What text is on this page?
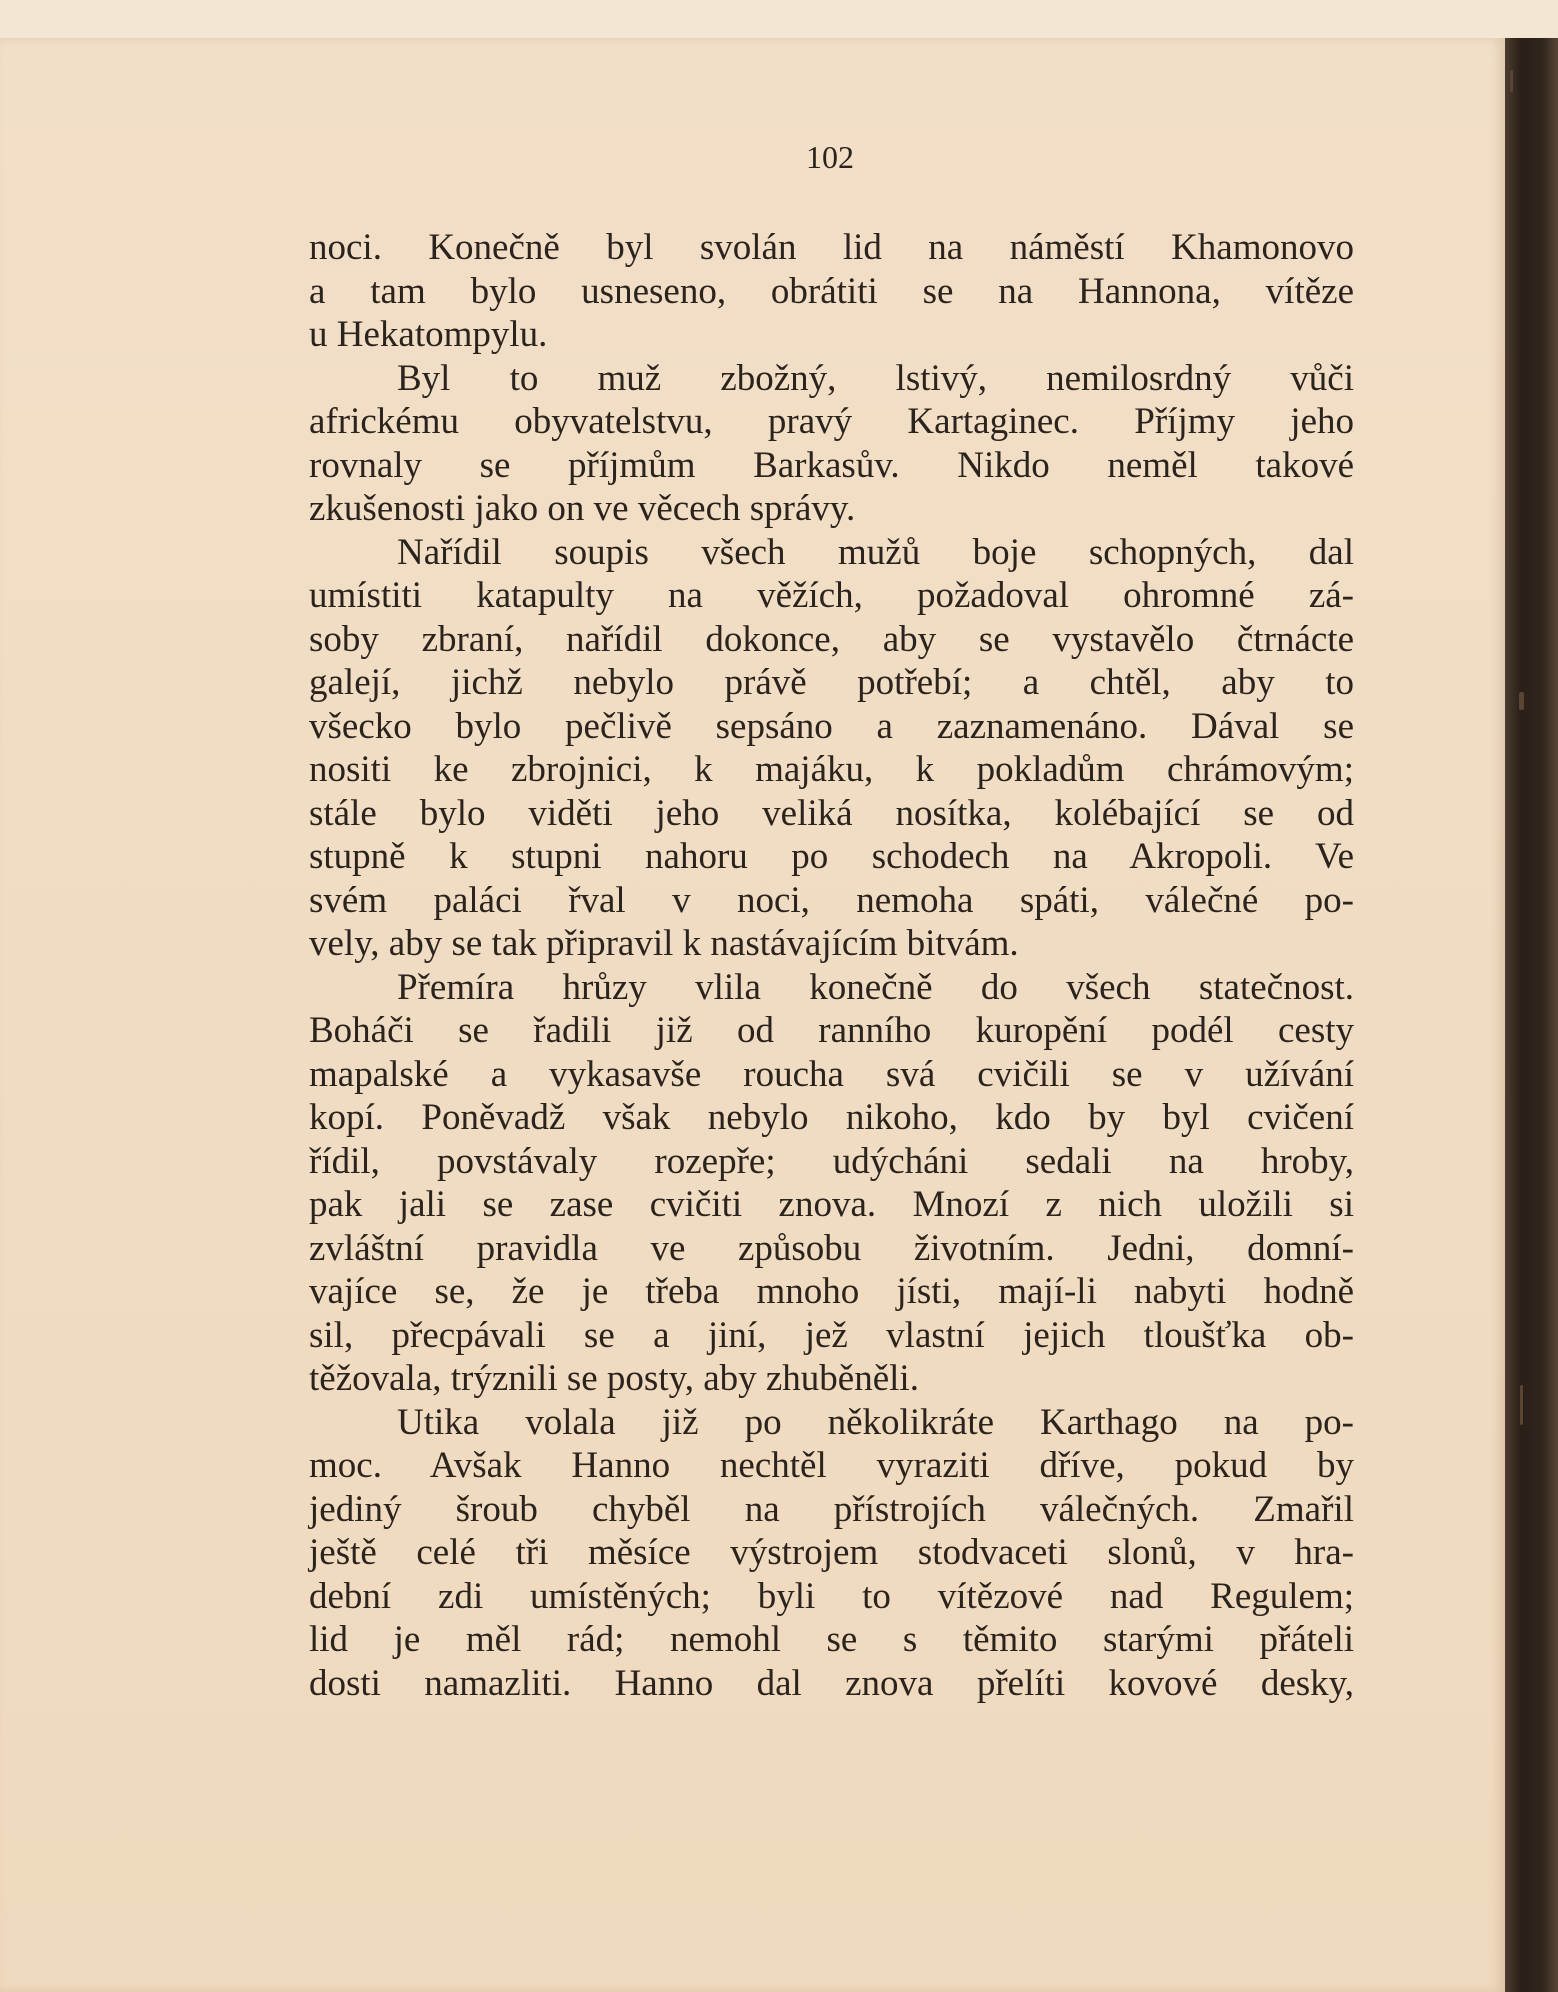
102

noci. Konečně byl svolán lid na náměstí Khamonovo
a tam bylo usneseno, obrátiti se na Hannona, vítěze
u Hekatompylu.
Byl to muž zbožný, lstivý, nemilosrdný vůči
africkému obyvatelstvu, pravý Kartaginec. Příjmy jeho
rovnaly se příjmům Barkasův. Nikdo neměl takové
zkušenosti jako on ve věcech správy.
Nařídil soupis všech mužů boje schopných, dal
umístiti katapulty na věžích, požadoval ohromné zá-
soby zbraní, nařídil dokonce, aby se vystavělo čtrnácte
galejí, jichž nebylo právě potřebí; a chtěl, aby to
všecko bylo pečlivě sepsáno a zaznamenáno. Dával se
nositi ke zbrojnici, k majáku, k pokladům chrámovým;
stále bylo viděti jeho veliká nosítka, kolébající se od
stupně k stupni nahoru po schodech na Akropoli. Ve
svém paláci řval v noci, nemoha spáti, válečné po-
vely, aby se tak připravil k nastávajícím bitvám.
Přemíra hrůzy vlila konečně do všech statečnost.
Boháči se řadili již od ranního kuropění podél cesty
mapalské a vykasavše roucha svá cvičili se v užívání
kopí. Poněvadž však nebylo nikoho, kdo by byl cvičení
řídil, povstávaly rozepře; udýcháni sedali na hroby,
pak jali se zase cvičiti znova. Mnozí z nich uložili si
zvláštní pravidla ve způsobu životním. Jedni, domní-
vajíce se, že je třeba mnoho jísti, mají-li nabyti hodně
sil, přecpávali se a jiní, jež vlastní jejich tloušťka ob-
těžovala, trýznili se posty, aby zhuběněli.
Utika volala již po několikráte Karthago na po-
moc. Avšak Hanno nechtěl vyraziti dříve, pokud by
jediný šroub chyběl na přístrojích válečných. Zmařil
ještě celé tři měsíce výstrojem stodvaceti slonů, v hra-
dební zdi umístěných; byli to vítězové nad Regulem;
lid je měl rád; nemohl se s těmito starými přáteli
dosti namazliti. Hanno dal znova přelíti kovové desky,
